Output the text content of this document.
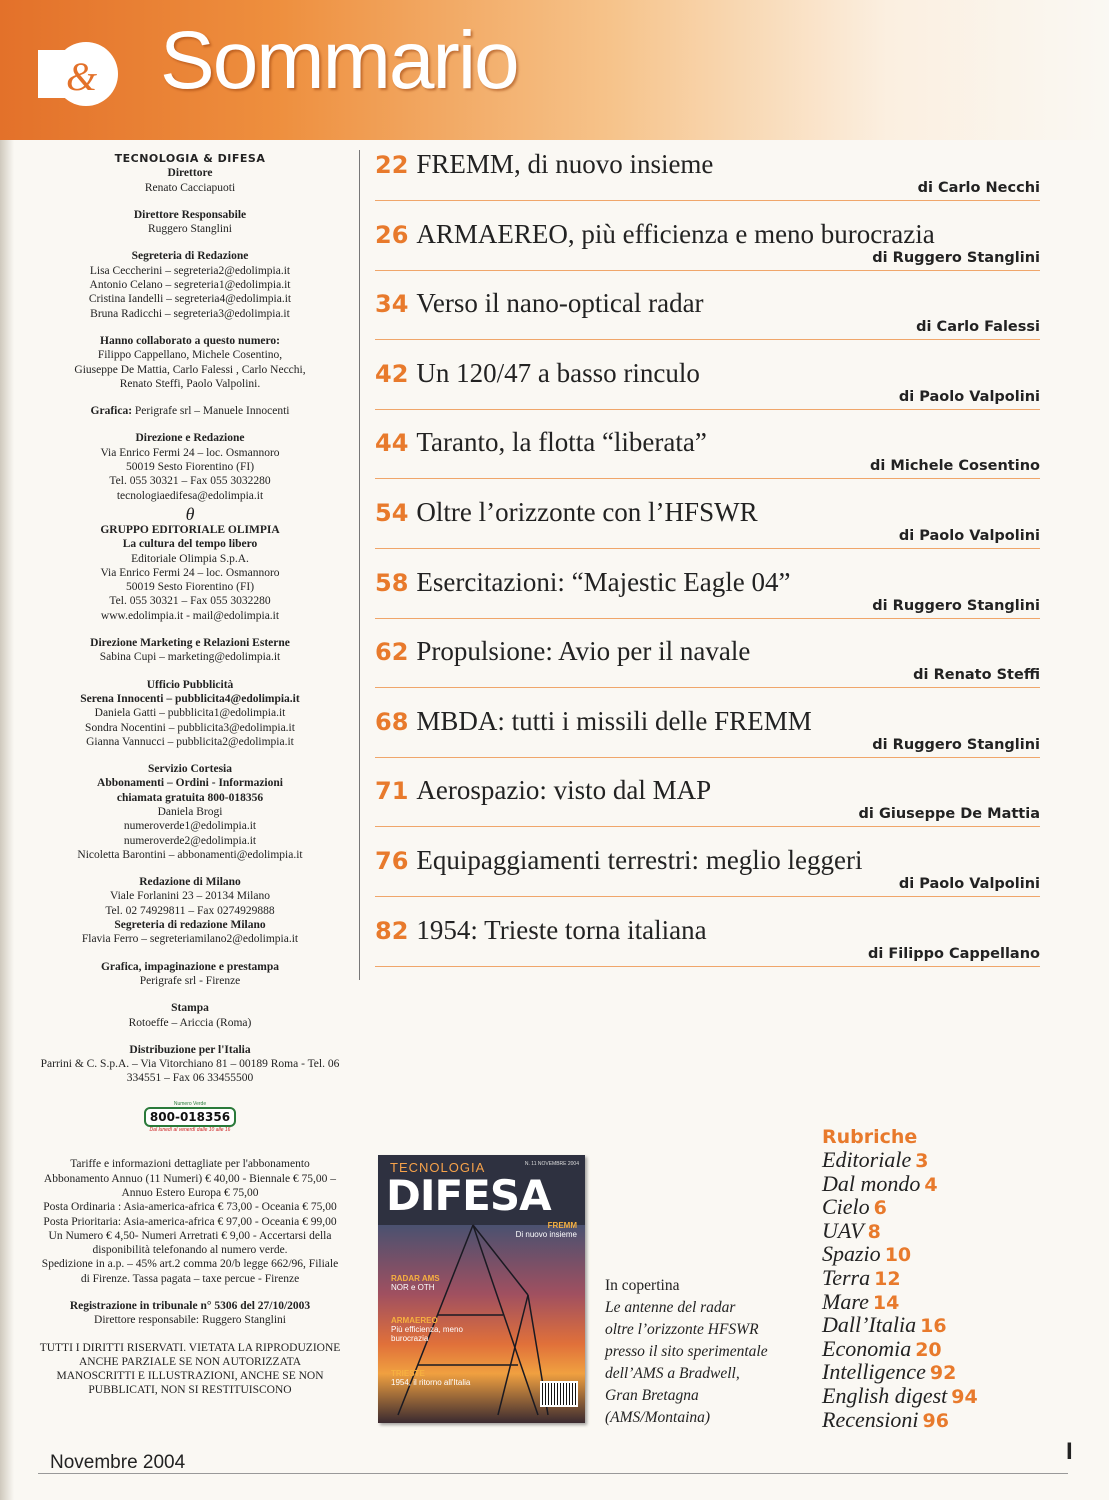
& Sommario
TECNOLOGIA & DIFESA
Direttore
Renato Cacciapuoti
Direttore Responsabile
Ruggero Stanglini
Segreteria di Redazione
Lisa Ceccherini – segreteria2@edolimpia.it
Antonio Celano – segreteria1@edolimpia.it
Cristina Iandelli – segreteria4@edolimpia.it
Bruna Radicchi – segreteria3@edolimpia.it
Hanno collaborato a questo numero:
Filippo Cappellano, Michele Cosentino,
Giuseppe De Mattia, Carlo Falessi , Carlo Necchi,
Renato Steffi, Paolo Valpolini.
Grafica: Perigrafe srl – Manuele Innocenti
Direzione e Redazione
Via Enrico Fermi 24 – loc. Osmannoro
50019 Sesto Fiorentino (FI)
Tel. 055 30321 – Fax 055 3032280
tecnologiaedifesa@edolimpia.it
θ
GRUPPO EDITORIALE OLIMPIA
La cultura del tempo libero
Editoriale Olimpia S.p.A.
Via Enrico Fermi 24 – loc. Osmannoro
50019 Sesto Fiorentino (FI)
Tel. 055 30321 – Fax 055 3032280
www.edolimpia.it - mail@edolimpia.it
Direzione Marketing e Relazioni Esterne
Sabina Cupi – marketing@edolimpia.it
Ufficio Pubblicità
Serena Innocenti – pubblicita4@edolimpia.it
Daniela Gatti – pubblicita1@edolimpia.it
Sondra Nocentini – pubblicita3@edolimpia.it
Gianna Vannucci – pubblicita2@edolimpia.it
Servizio Cortesia
Abbonamenti – Ordini - Informazioni
chiamata gratuita 800-018356
Daniela Brogi
numeroverde1@edolimpia.it
numeroverde2@edolimpia.it
Nicoletta Barontini – abbonamenti@edolimpia.it
Redazione di Milano
Viale Forlanini 23 – 20134 Milano
Tel. 02 74929811 – Fax 0274929888
Segreteria di redazione Milano
Flavia Ferro – segreteriamilano2@edolimpia.it
Grafica, impaginazione e prestampa
Perigrafe srl - Firenze
Stampa
Rotoeffe – Ariccia (Roma)
Distribuzione per l'Italia
Parrini & C. S.p.A. – Via Vitorchiano 81 – 00189 Roma - Tel. 06
334551 – Fax 06 33455500
Numero Verde
800-018356
Dal lunedì al venerdì dalle 10 alle 16
Tariffe e informazioni dettagliate per l'abbonamento
Abbonamento Annuo (11 Numeri) € 40,00 - Biennale € 75,00 –
Annuo Estero Europa € 75,00
Posta Ordinaria : Asia-america-africa € 73,00 - Oceania € 75,00
Posta Prioritaria: Asia-america-africa € 97,00 - Oceania € 99,00
Un Numero € 4,50- Numeri Arretrati € 9,00 - Accertarsi della
disponibilità telefonando al numero verde.
Spedizione in a.p. – 45% art.2 comma 20/b legge 662/96, Filiale
di Firenze. Tassa pagata – taxe percue - Firenze
Registrazione in tribunale n° 5306 del 27/10/2003
Direttore responsabile: Ruggero Stanglini
TUTTI I DIRITTI RISERVATI. VIETATA LA RIPRODUZIONE
ANCHE PARZIALE SE NON AUTORIZZATA
MANOSCRITTI E ILLUSTRAZIONI, ANCHE SE NON
PUBBLICATI, NON SI RESTITUISCONO
22 FREMM, di nuovo insieme
di Carlo Necchi
26 ARMAEREO, più efficienza e meno burocrazia
di Ruggero Stanglini
34 Verso il nano-optical radar
di Carlo Falessi
42 Un 120/47 a basso rinculo
di Paolo Valpolini
44 Taranto, la flotta “liberata”
di Michele Cosentino
54 Oltre l’orizzonte con l’HFSWR
di Paolo Valpolini
58 Esercitazioni: “Majestic Eagle 04”
di Ruggero Stanglini
62 Propulsione: Avio per il navale
di Renato Steffi
68 MBDA: tutti i missili delle FREMM
di Ruggero Stanglini
71 Aerospazio: visto dal MAP
di Giuseppe De Mattia
76 Equipaggiamenti terrestri: meglio leggeri
di Paolo Valpolini
82 1954: Trieste torna italiana
di Filippo Cappellano
TECNOLOGIA	N. 11 NOVEMBRE 2004
DIFESA
FREMM
Di nuovo insieme
RADAR AMS
NOR e OTH
ARMAEREO
Più efficienza, meno burocrazia
TRIESTE
1954, il ritorno all'Italia
In copertina
Le antenne del radar
oltre l’orizzonte HFSWR
presso il sito sperimentale
dell’AMS a Bradwell,
Gran Bretagna
(AMS/Montaina)
Rubriche
Editoriale 3
Dal mondo 4
Cielo 6
UAV 8
Spazio 10
Terra 12
Mare 14
Dall’Italia 16
Economia 20
Intelligence 92
English digest 94
Recensioni 96
Novembre 2004	I
